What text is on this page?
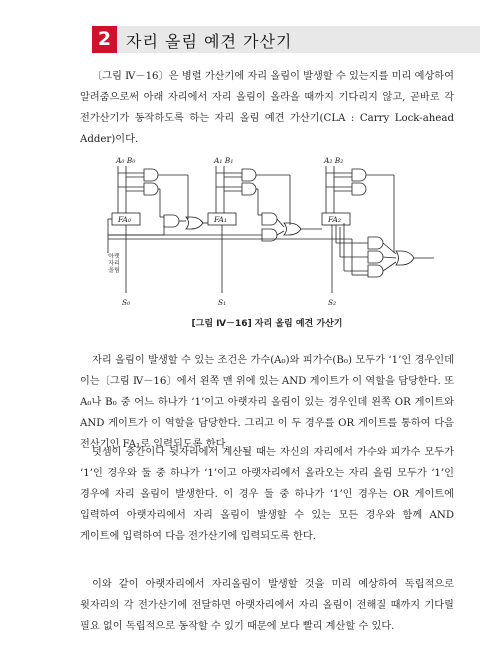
2 자리 올림 예견 가산기
〔그림 Ⅳ－16〕은 병렬 가산기에 자리 올림이 발생할 수 있는지를 미리 예상하여 알려줌으로써 아래 자리에서 자리 올림이 올라올 때까지 기다리지 않고, 곧바로 각 전가산기가 동작하도록 하는 자리 올림 예견 가산기(CLA : Carry Lock-ahead Adder)이다.
A₀ B₀	A₁ B₁	A₂ B₂
FA₀	FA₁	FA₂
S₀	S₁	S₂
아랫 자리 올림
[그림 Ⅳ－16] 자리 올림 예견 가산기
자리 올림이 발생할 수 있는 조건은 가수(A₀)와 피가수(B₀) 모두가 ‘1’인 경우인데 이는〔그림 Ⅳ－16〕에서 왼쪽 맨 위에 있는 AND 게이트가 이 역할을 담당한다. 또 A₀나 B₀ 중 어느 하나가 ‘1’이고 아랫자리 올림이 있는 경우인데 왼쪽 OR 게이트와 AND 게이트가 이 역할을 담당한다. 그리고 이 두 경우를 OR 게이트를 통하여 다음 전산기인 FA₁로 입력되도록 한다.
덧셈이 중간이나 뒷자리에서 계산될 때는 자신의 자리에서 가수와 피가수 모두가 ‘1’인 경우와 둘 중 하나가 ‘1’이고 아랫자리에서 올라오는 자리 올림 모두가 ‘1’인 경우에 자리 올림이 발생한다. 이 경우 둘 중 하나가 ‘1’인 경우는 OR 게이트에 입력하여 아랫자리에서 자리 올림이 발생할 수 있는 모든 경우와 함께 AND 게이트에 입력하여 다음 전가산기에 입력되도록 한다.
이와 같이 아랫자리에서 자리올림이 발생할 것을 미리 예상하여 독립적으로 윗자리의 각 전가산기에 전달하면 아랫자리에서 자리 올림이 전해질 때까지 기다릴 필요 없이 독립적으로 동작할 수 있기 때문에 보다 빨리 계산할 수 있다.
